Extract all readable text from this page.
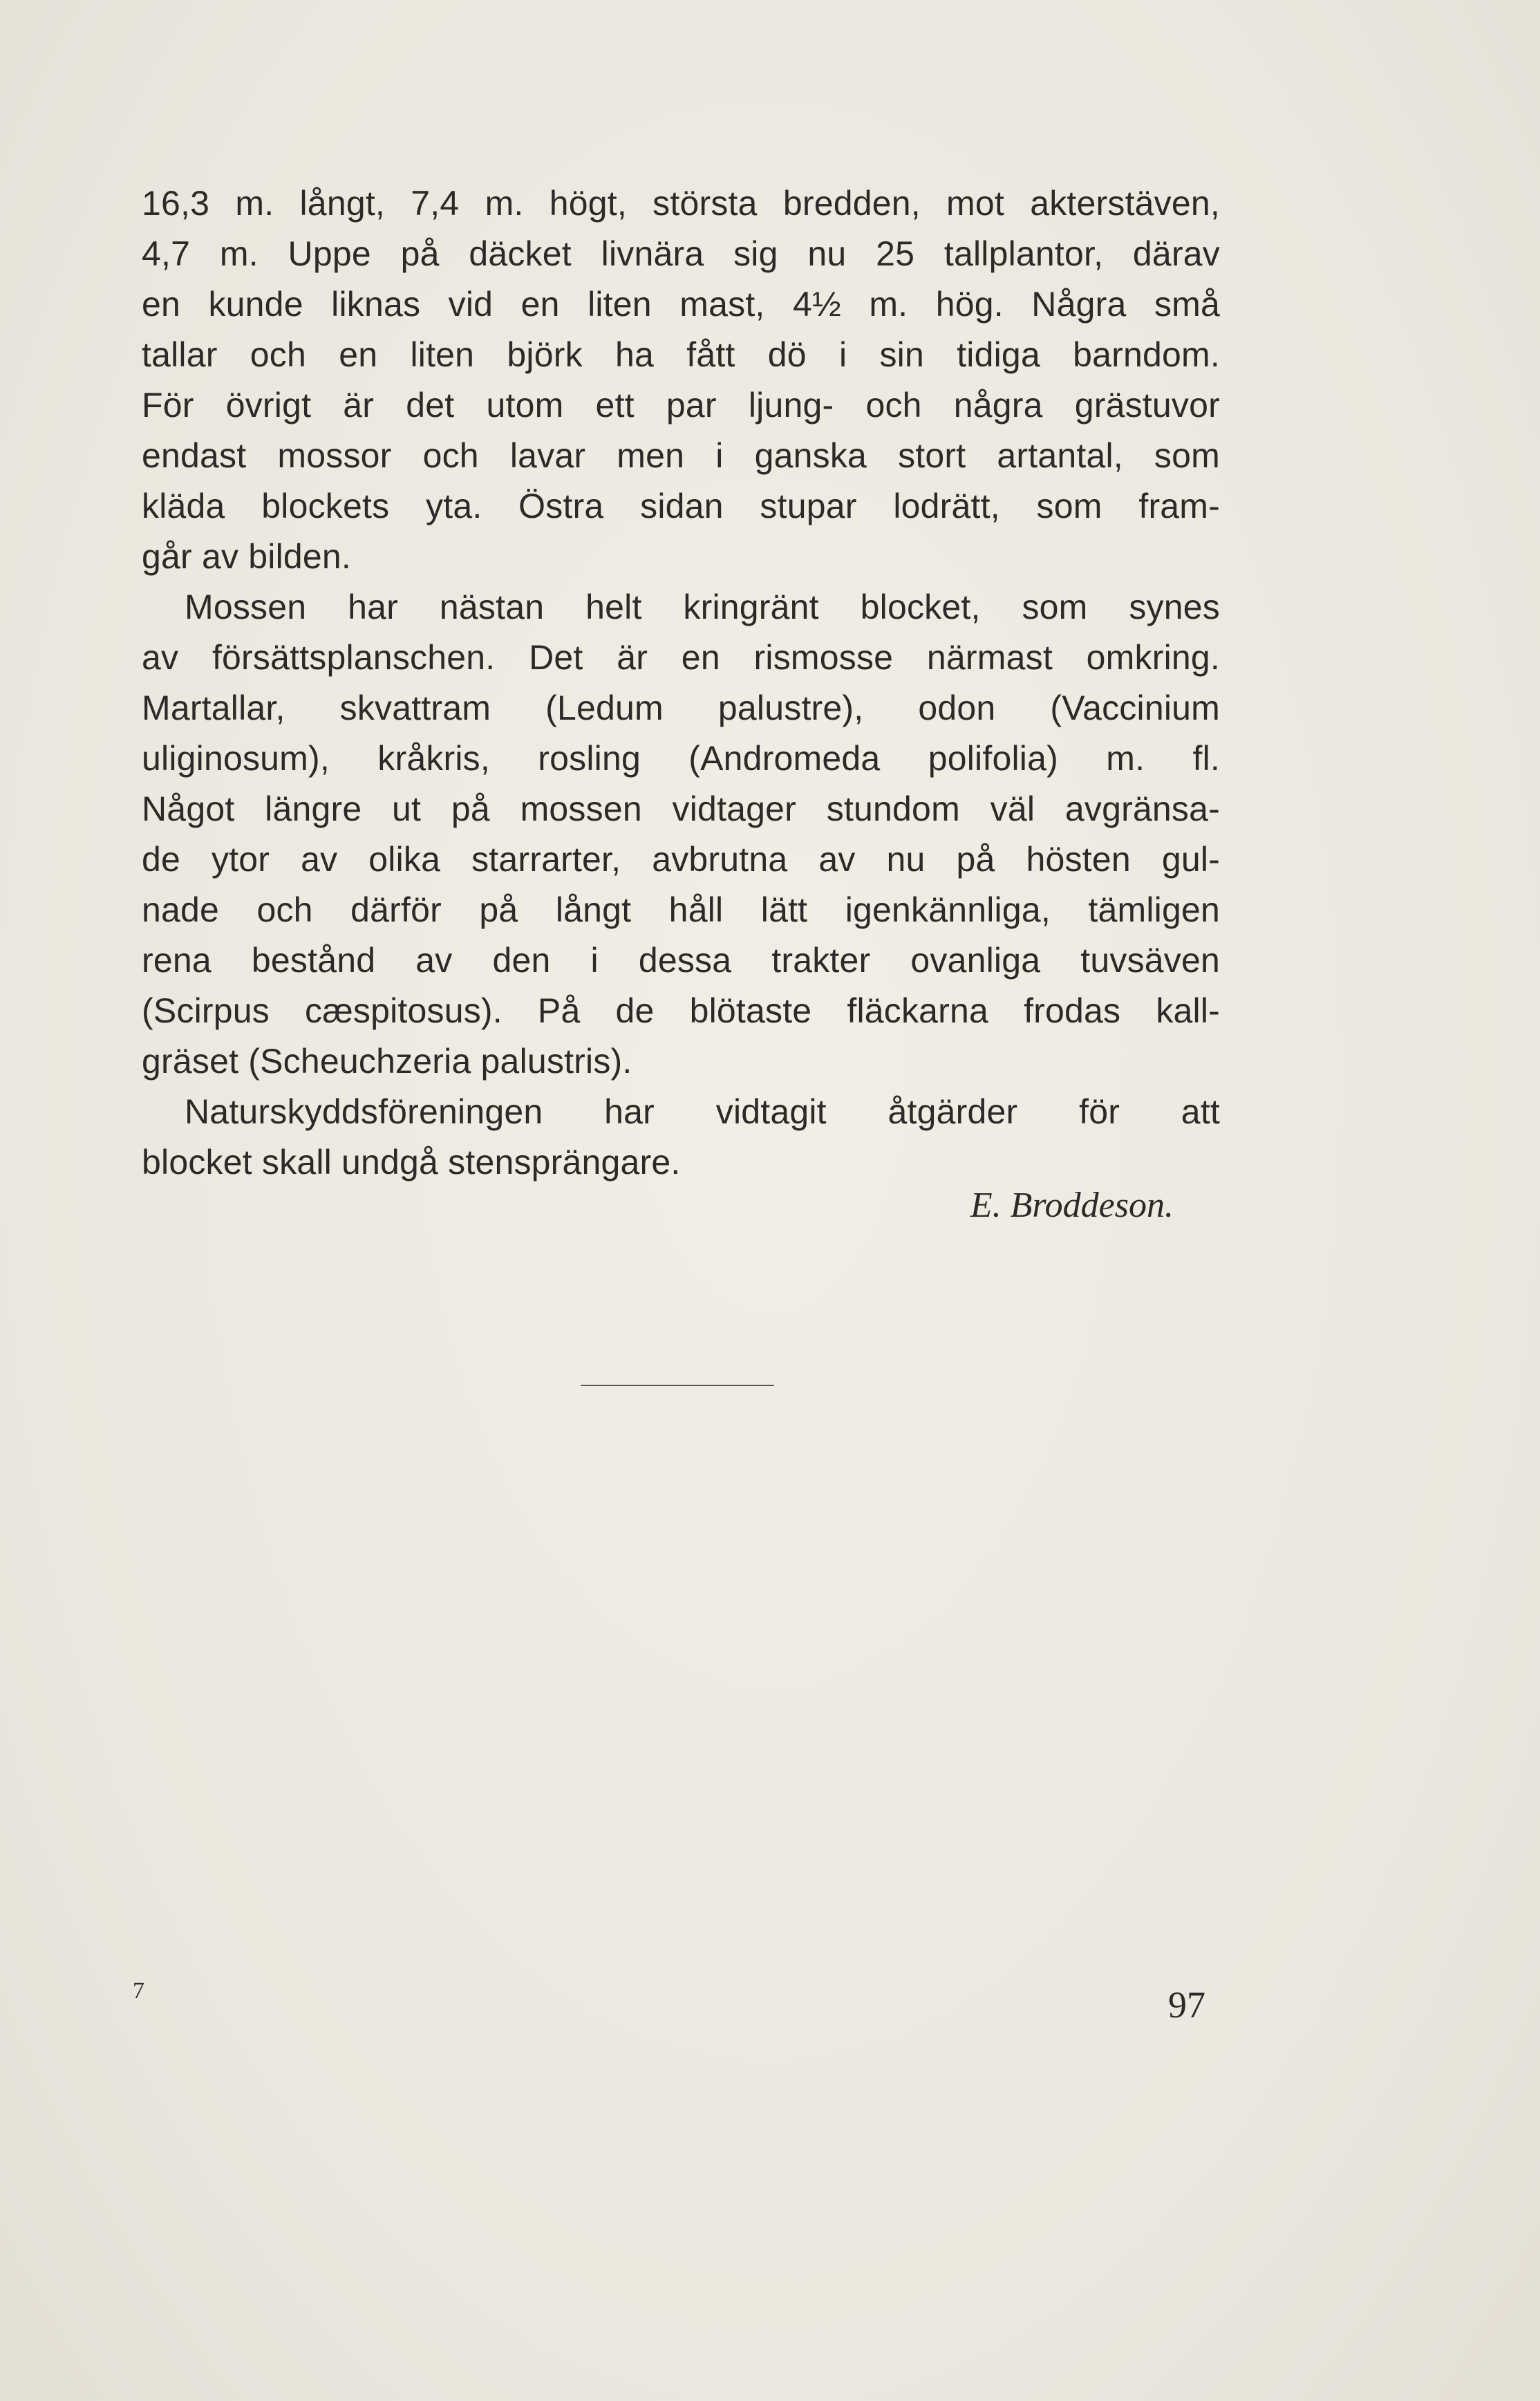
16,3 m. långt, 7,4 m. högt, största bredden, mot akterstäven,
4,7 m. Uppe på däcket livnära sig nu 25 tallplantor, därav
en kunde liknas vid en liten mast, 4½ m. hög. Några små
tallar och en liten björk ha fått dö i sin tidiga barndom.
För övrigt är det utom ett par ljung- och några grästuvor
endast mossor och lavar men i ganska stort artantal, som
kläda blockets yta. Östra sidan stupar lodrätt, som fram-
går av bilden.
Mossen har nästan helt kringränt blocket, som synes
av försättsplanschen. Det är en rismosse närmast omkring.
Martallar, skvattram (Ledum palustre), odon (Vaccinium
uliginosum), kråkris, rosling (Andromeda polifolia) m. fl.
Något längre ut på mossen vidtager stundom väl avgränsa-
de ytor av olika starrarter, avbrutna av nu på hösten gul-
nade och därför på långt håll lätt igenkännliga, tämligen
rena bestånd av den i dessa trakter ovanliga tuvsäven
(Scirpus cæspitosus). På de blötaste fläckarna frodas kall-
gräset (Scheuchzeria palustris).
Naturskyddsföreningen har vidtagit åtgärder för att
blocket skall undgå stensprängare.
E. Broddeson.
7	97
